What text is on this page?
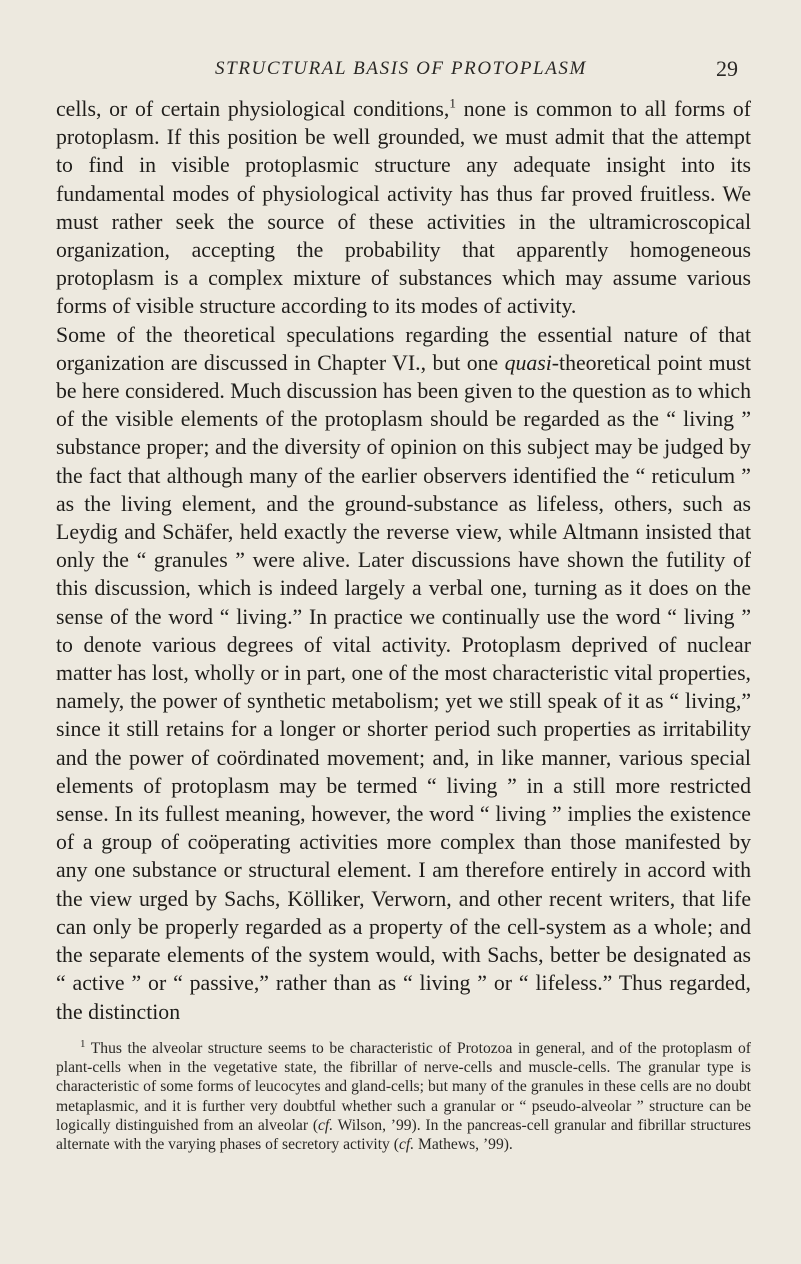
STRUCTURAL BASIS OF PROTOPLASM	29

cells, or of certain physiological conditions,$^1$ none is common to all forms of protoplasm. If this position be well grounded, we must admit that the attempt to find in visible protoplasmic structure any adequate insight into its fundamental modes of physiological activity has thus far proved fruitless. We must rather seek the source of these activities in the ultramicroscopical organization, accepting the probability that apparently homogeneous protoplasm is a complex mixture of substances which may assume various forms of visible structure according to its modes of activity.

Some of the theoretical speculations regarding the essential nature of that organization are discussed in Chapter VI., but one quasi-theoretical point must be here considered. Much discussion has been given to the question as to which of the visible elements of the protoplasm should be regarded as the “ living ” substance proper; and the diversity of opinion on this subject may be judged by the fact that although many of the earlier observers identified the “ reticulum ” as the living element, and the ground-substance as lifeless, others, such as Leydig and Schäfer, held exactly the reverse view, while Altmann insisted that only the “ granules ” were alive. Later discussions have shown the futility of this discussion, which is indeed largely a verbal one, turning as it does on the sense of the word “ living.” In practice we continually use the word “ living ” to denote various degrees of vital activity. Protoplasm deprived of nuclear matter has lost, wholly or in part, one of the most characteristic vital properties, namely, the power of synthetic metabolism; yet we still speak of it as “ living,” since it still retains for a longer or shorter period such properties as irritability and the power of coördinated movement; and, in like manner, various special elements of protoplasm may be termed “ living ” in a still more restricted sense. In its fullest meaning, however, the word “ living ” implies the existence of a group of coöperating activities more complex than those manifested by any one substance or structural element. I am therefore entirely in accord with the view urged by Sachs, Kölliker, Verworn, and other recent writers, that life can only be properly regarded as a property of the cell-system as a whole; and the separate elements of the system would, with Sachs, better be designated as “ active ” or “ passive,” rather than as “ living ” or “ lifeless.” Thus regarded, the distinction

$^1$ Thus the alveolar structure seems to be characteristic of Protozoa in general, and of the protoplasm of plant-cells when in the vegetative state, the fibrillar of nerve-cells and muscle-cells. The granular type is characteristic of some forms of leucocytes and gland-cells; but many of the granules in these cells are no doubt metaplasmic, and it is further very doubtful whether such a granular or “ pseudo-alveolar ” structure can be logically distinguished from an alveolar (cf. Wilson, ’99). In the pancreas-cell granular and fibrillar structures alternate with the varying phases of secretory activity (cf. Mathews, ’99).
